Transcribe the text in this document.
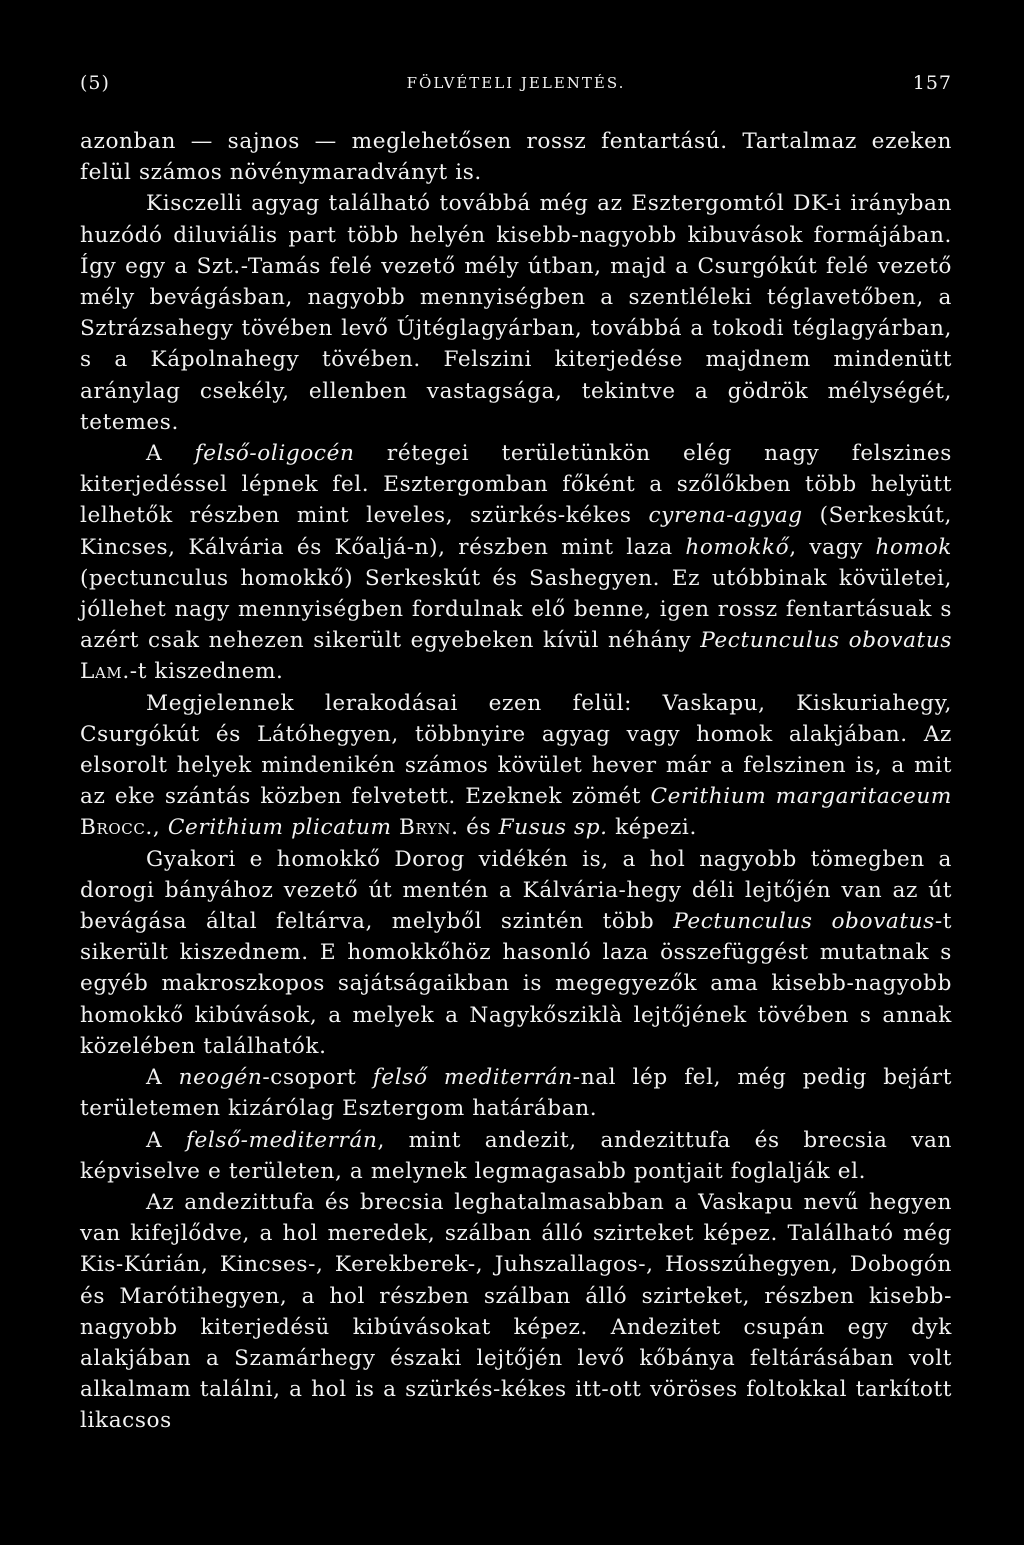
(5)	FÖLVÉTELI JELENTÉS.	157

azonban — sajnos — meglehetősen rossz fentartású. Tartalmaz ezeken felül számos növénymaradványt is.

Kisczelli agyag található továbbá még az Esztergomtól DK-i irányban huzódó diluviális part több helyén kisebb-nagyobb kibuvások formájában. Így egy a Szt.-Tamás felé vezető mély útban, majd a Csurgókút felé vezető mély bevágásban, nagyobb mennyiségben a szentléleki téglavetőben, a Sztrázsahegy tövében levő Újtéglagyárban, továbbá a tokodi téglagyárban, s a Kápolnahegy tövében. Felszini kiterjedése majdnem mindenütt aránylag csekély, ellenben vastagsága, tekintve a gödrök mélységét, tetemes.

A felső-oligocén rétegei területünkön elég nagy felszines kiterjedéssel lépnek fel. Esztergomban főként a szőlőkben több helyütt lelhetők részben mint leveles, szürkés-kékes cyrena-agyag (Serkeskút, Kincses, Kálvária és Kőaljá-n), részben mint laza homokkő, vagy homok (pectunculus homokkő) Serkeskút és Sashegyen. Ez utóbbinak kövületei, jóllehet nagy mennyiségben fordulnak elő benne, igen rossz fentartásuak s azért csak nehezen sikerült egyebeken kívül néhány Pectunculus obovatus Lam.-t kiszednem.

Megjelennek lerakodásai ezen felül: Vaskapu, Kiskuriahegy, Csurgókút és Látóhegyen, többnyire agyag vagy homok alakjában. Az elsorolt helyek mindenikén számos kövület hever már a felszinen is, a mit az eke szántás közben felvetett. Ezeknek zömét Cerithium margaritaceum Brocc., Cerithium plicatum Bryn. és Fusus sp. képezi.

Gyakori e homokkő Dorog vidékén is, a hol nagyobb tömegben a dorogi bányához vezető út mentén a Kálvária-hegy déli lejtőjén van az út bevágása által feltárva, melyből szintén több Pectunculus obovatus-t sikerült kiszednem. E homokkőhöz hasonló laza összefüggést mutatnak s egyéb makroszkopos sajátságaikban is megegyezők ama kisebb-nagyobb homokkő kibúvások, a melyek a Nagykősziklà lejtőjének tövében s annak közelében találhatók.

A neogén-csoport felső mediterrán-nal lép fel, még pedig bejárt területemen kizárólag Esztergom határában.

A felső-mediterrán, mint andezit, andezittufa és brecsia van képviselve e területen, a melynek legmagasabb pontjait foglalják el.

Az andezittufa és brecsia leghatalmasabban a Vaskapu nevű hegyen van kifejlődve, a hol meredek, szálban álló szirteket képez. Található még Kis-Kúrián, Kincses-, Kerekberek-, Juhszallagos-, Hosszúhegyen, Dobogón és Marótihegyen, a hol részben szálban álló szirteket, részben kisebb-nagyobb kiterjedésü kibúvásokat képez. Andezitet csupán egy dyk alakjában a Szamárhegy északi lejtőjén levő kőbánya feltárásában volt alkalmam találni, a hol is a szürkés-kékes itt-ott vöröses foltokkal tarkított likacsos
